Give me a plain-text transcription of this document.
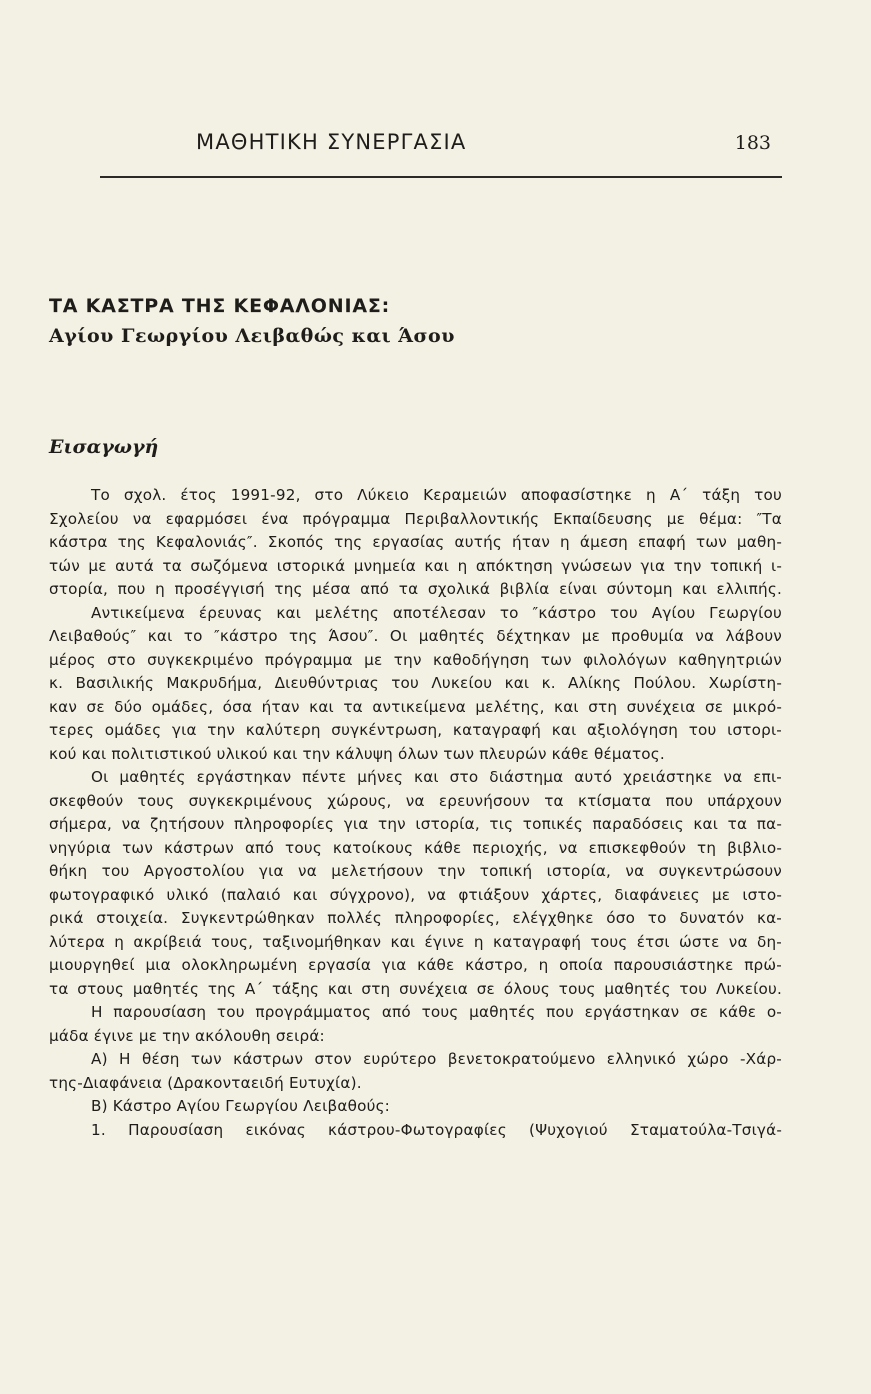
ΜΑΘΗΤΙΚΗ ΣΥΝΕΡΓΑΣΙΑ	183
ΤΑ ΚΑΣΤΡΑ ΤΗΣ ΚΕΦΑΛΟΝΙΑΣ:
Αγίου Γεωργίου Λειβαθώς και Άσου
Εισαγωγή
Το σχολ. έτος 1991-92, στο Λύκειο Κεραμειών αποφασίστηκε η Α΄ τάξη του
Σχολείου να εφαρμόσει ένα πρόγραμμα Περιβαλλοντικής Εκπαίδευσης με θέμα: ″Τα
κάστρα της Κεφαλονιάς″. Σκοπός της εργασίας αυτής ήταν η άμεση επαφή των μαθη-
τών με αυτά τα σωζόμενα ιστορικά μνημεία και η απόκτηση γνώσεων για την τοπική ι-
στορία, που η προσέγγισή της μέσα από τα σχολικά βιβλία είναι σύντομη και ελλιπής.
Αντικείμενα έρευνας και μελέτης αποτέλεσαν το ″κάστρο του Αγίου Γεωργίου
Λειβαθούς″ και το ″κάστρο της Άσου″. Οι μαθητές δέχτηκαν με προθυμία να λάβουν
μέρος στο συγκεκριμένο πρόγραμμα με την καθοδήγηση των φιλολόγων καθηγητριών
κ. Βασιλικής Μακρυδήμα, Διευθύντριας του Λυκείου και κ. Αλίκης Πούλου. Χωρίστη-
καν σε δύο ομάδες, όσα ήταν και τα αντικείμενα μελέτης, και στη συνέχεια σε μικρό-
τερες ομάδες για την καλύτερη συγκέντρωση, καταγραφή και αξιολόγηση του ιστορι-
κού και πολιτιστικού υλικού και την κάλυψη όλων των πλευρών κάθε θέματος.
Οι μαθητές εργάστηκαν πέντε μήνες και στο διάστημα αυτό χρειάστηκε να επι-
σκεφθούν τους συγκεκριμένους χώρους, να ερευνήσουν τα κτίσματα που υπάρχουν
σήμερα, να ζητήσουν πληροφορίες για την ιστορία, τις τοπικές παραδόσεις και τα πα-
νηγύρια των κάστρων από τους κατοίκους κάθε περιοχής, να επισκεφθούν τη βιβλιο-
θήκη του Αργοστολίου για να μελετήσουν την τοπική ιστορία, να συγκεντρώσουν
φωτογραφικό υλικό (παλαιό και σύγχρονο), να φτιάξουν χάρτες, διαφάνειες με ιστο-
ρικά στοιχεία. Συγκεντρώθηκαν πολλές πληροφορίες, ελέγχθηκε όσο το δυνατόν κα-
λύτερα η ακρίβειά τους, ταξινομήθηκαν και έγινε η καταγραφή τους έτσι ώστε να δη-
μιουργηθεί μια ολοκληρωμένη εργασία για κάθε κάστρο, η οποία παρουσιάστηκε πρώ-
τα στους μαθητές της Α΄ τάξης και στη συνέχεια σε όλους τους μαθητές του Λυκείου.
Η παρουσίαση του προγράμματος από τους μαθητές που εργάστηκαν σε κάθε ο-
μάδα έγινε με την ακόλουθη σειρά:
Α) Η θέση των κάστρων στον ευρύτερο βενετοκρατούμενο ελληνικό χώρο -Χάρ-
της-Διαφάνεια (Δρακονταειδή Ευτυχία).
Β) Κάστρο Αγίου Γεωργίου Λειβαθούς:
1. Παρουσίαση εικόνας κάστρου-Φωτογραφίες (Ψυχογιού Σταματούλα-Τσιγά-
